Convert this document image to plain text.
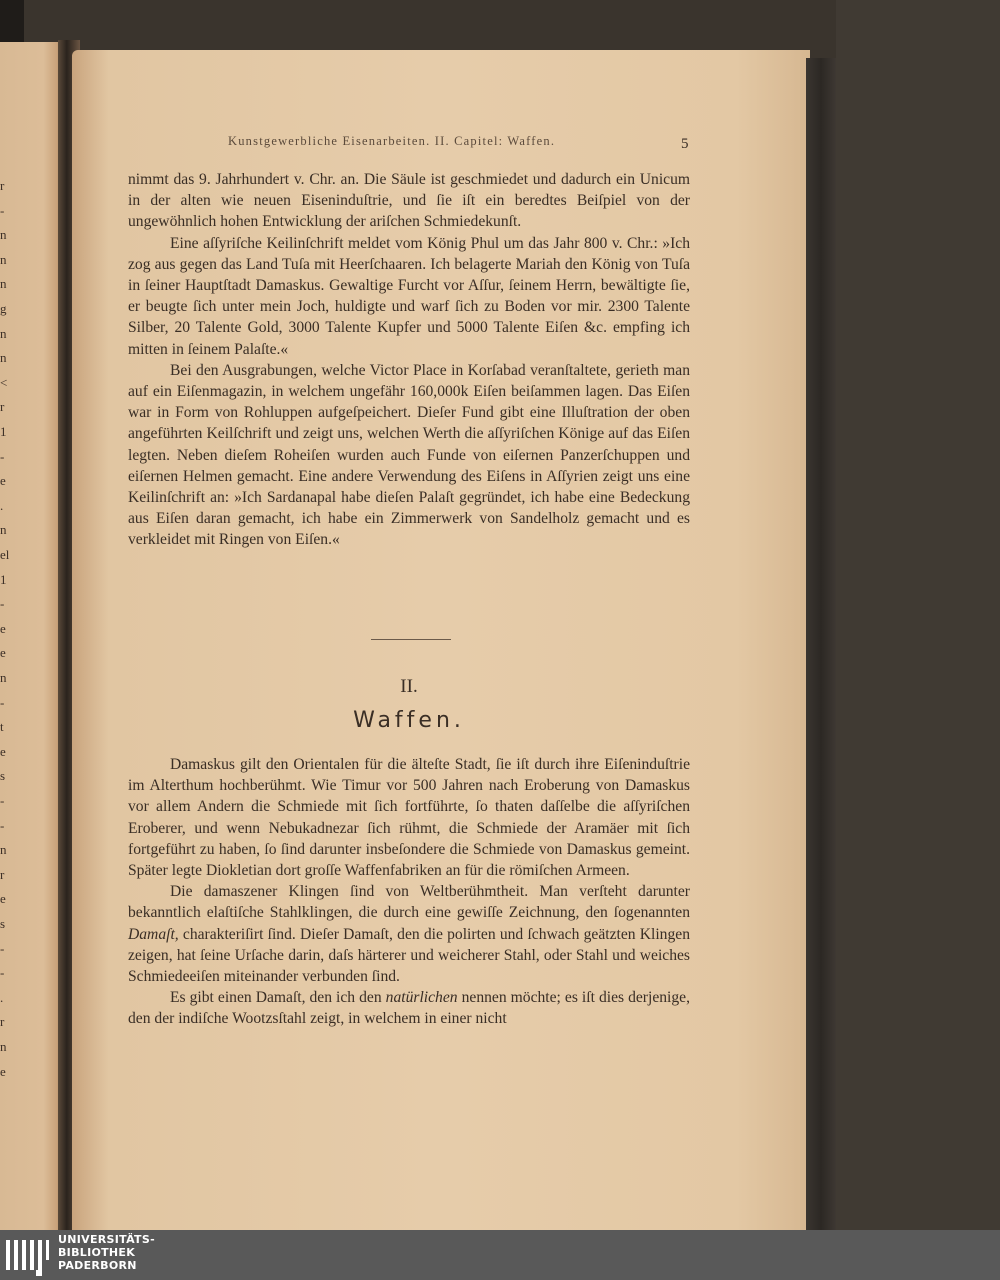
r
-
n
n
n
g
n
n
<
r
1
-
e
.
n
el
1
-
e
e
n
-
t
e
s
-
-
n
r
e
s
-
-
.
r
n
e
Kunstgewerbliche Eisenarbeiten. II. Capitel: Waffen.	5

nimmt das 9. Jahrhundert v. Chr. an. Die Säule ist geschmiedet und dadurch ein Unicum in der alten wie neuen Eiseninduſtrie, und ſie iſt ein beredtes Beiſpiel von der ungewöhnlich hohen Entwicklung der ariſchen Schmiedekunſt.

Eine aſſyriſche Keilinſchrift meldet vom König Phul um das Jahr 800 v. Chr.: »Ich zog aus gegen das Land Tuſa mit Heerſchaaren. Ich belagerte Mariah den König von Tuſa in ſeiner Hauptſtadt Damaskus. Gewaltige Furcht vor Aſſur, ſeinem Herrn, bewältigte ſie, er beugte ſich unter mein Joch, huldigte und warf ſich zu Boden vor mir. 2300 Talente Silber, 20 Talente Gold, 3000 Talente Kupfer und 5000 Talente Eiſen &c. empfing ich mitten in ſeinem Palaſte.«

Bei den Ausgrabungen, welche Victor Place in Korſabad veranſtaltete, gerieth man auf ein Eiſenmagazin, in welchem ungefähr 160,000k Eiſen beiſammen lagen. Das Eiſen war in Form von Rohluppen aufgeſpeichert. Dieſer Fund gibt eine Illuſtration der oben angeführten Keilſchrift und zeigt uns, welchen Werth die aſſyriſchen Könige auf das Eiſen legten. Neben dieſem Roheiſen wurden auch Funde von eiſernen Panzerſchuppen und eiſernen Helmen gemacht. Eine andere Verwendung des Eiſens in Aſſyrien zeigt uns eine Keilinſchrift an: »Ich Sardanapal habe dieſen Palaſt gegründet, ich habe eine Bedeckung aus Eiſen daran gemacht, ich habe ein Zimmerwerk von Sandelholz gemacht und es verkleidet mit Ringen von Eiſen.«

II.
Waffen.

Damaskus gilt den Orientalen für die älteſte Stadt, ſie iſt durch ihre Eiſeninduſtrie im Alterthum hochberühmt. Wie Timur vor 500 Jahren nach Eroberung von Damaskus vor allem Andern die Schmiede mit ſich fortführte, ſo thaten daſſelbe die aſſyriſchen Eroberer, und wenn Nebukadnezar ſich rühmt, die Schmiede der Aramäer mit ſich fortgeführt zu haben, ſo ſind darunter insbeſondere die Schmiede von Damaskus gemeint. Später legte Diokletian dort groſſe Waffenfabriken an für die römiſchen Armeen.

Die damaszener Klingen ſind von Weltberühmtheit. Man verſteht darunter bekanntlich elaſtiſche Stahlklingen, die durch eine gewiſſe Zeichnung, den ſogenannten Damaſt, charakteriſirt ſind. Dieſer Damaſt, den die polirten und ſchwach geätzten Klingen zeigen, hat ſeine Urſache darin, daſs härterer und weicherer Stahl, oder Stahl und weiches Schmiedeeiſen miteinander verbunden ſind.

Es gibt einen Damaſt, den ich den natürlichen nennen möchte; es iſt dies derjenige, den der indiſche Wootzsſtahl zeigt, in welchem in einer nicht

UNIVERSITÄTS-
BIBLIOTHEK
PADERBORN
